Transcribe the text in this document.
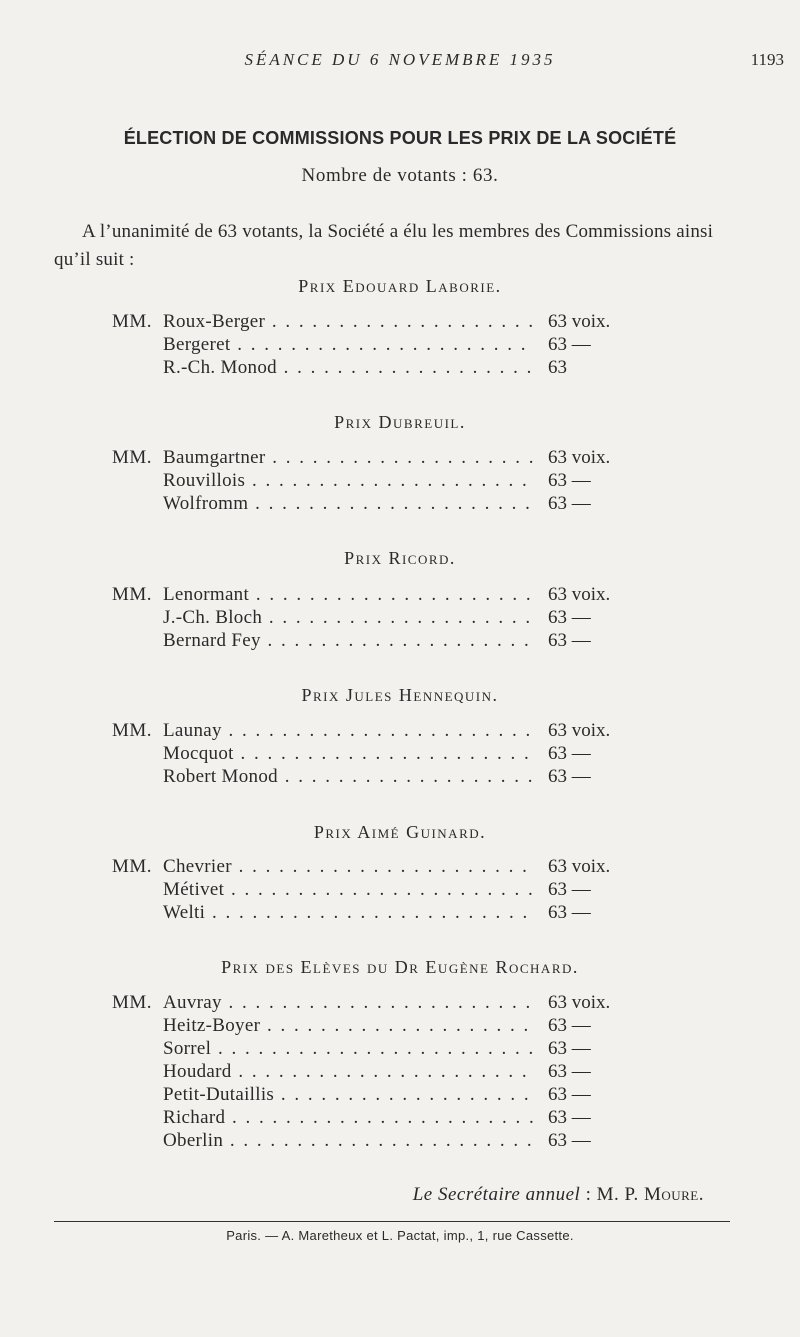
SÉANCE DU 6 NOVEMBRE 1935	1193
ÉLECTION DE COMMISSIONS POUR LES PRIX DE LA SOCIÉTÉ
Nombre de votants : 63.
A l’unanimité de 63 votants, la Société a élu les membres des Commissions ainsi qu’il suit :
Prix Edouard Laborie.
MM. Roux-Berger . . .	63 voix.
Bergeret . . .	63 —
R.-Ch. Monod . . .	63
Prix Dubreuil.
MM. Baumgartner . . .	63 voix.
Rouvillois . . .	63 —
Wolfromm . . .	63 —
Prix Ricord.
MM. Lenormant . . .	63 voix.
J.-Ch. Bloch . . .	63 —
Bernard Fey . . .	63 —
Prix Jules Hennequin.
MM. Launay . . .	63 voix.
Mocquot . . .	63 —
Robert Monod . . .	63 —
Prix Aimé Guinard.
MM. Chevrier . . .	63 voix.
Métivet . . .	63 —
Welti . . .	63 —
Prix des Elèves du Dr Eugène Rochard.
MM. Auvray . . .	63 voix.
Heitz-Boyer . . .	63 —
Sorrel . . .	63 —
Houdard . . .	63 —
Petit-Dutaillis . . .	63 —
Richard . . .	63 —
Oberlin . . .	63 —
Le Secrétaire annuel : M. P. Moure.
Paris. — A. Maretheux et L. Pactat, imp., 1, rue Cassette.
